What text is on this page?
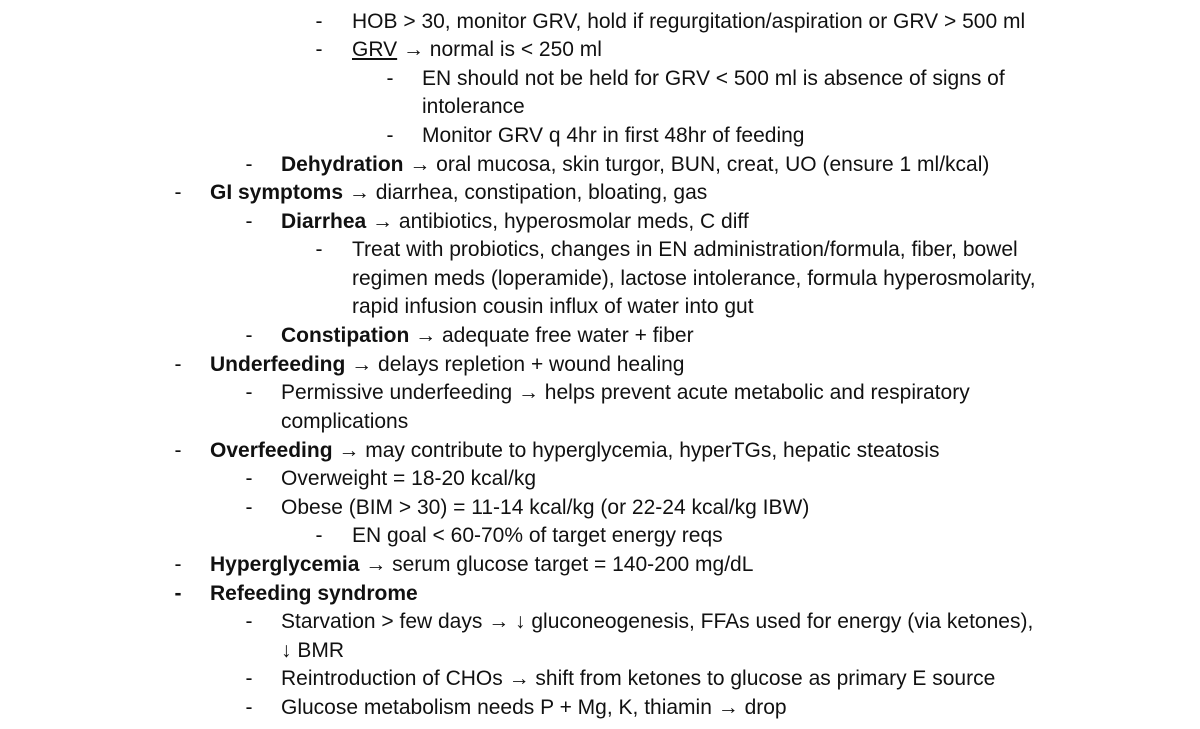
- HOB > 30, monitor GRV, hold if regurgitation/aspiration or GRV > 500 ml
- GRV → normal is < 250 ml
- EN should not be held for GRV < 500 ml is absence of signs of
intolerance
- Monitor GRV q 4hr in first 48hr of feeding
- Dehydration → oral mucosa, skin turgor, BUN, creat, UO (ensure 1 ml/kcal)
- GI symptoms → diarrhea, constipation, bloating, gas
- Diarrhea → antibiotics, hyperosmolar meds, C diff
- Treat with probiotics, changes in EN administration/formula, fiber, bowel
regimen meds (loperamide), lactose intolerance, formula hyperosmolarity,
rapid infusion cousin influx of water into gut
- Constipation → adequate free water + fiber
- Underfeeding → delays repletion + wound healing
- Permissive underfeeding → helps prevent acute metabolic and respiratory
complications
- Overfeeding → may contribute to hyperglycemia, hyperTGs, hepatic steatosis
- Overweight = 18-20 kcal/kg
- Obese (BIM > 30) = 11-14 kcal/kg (or 22-24 kcal/kg IBW)
- EN goal < 60-70% of target energy reqs
- Hyperglycemia → serum glucose target = 140-200 mg/dL
- Refeeding syndrome
- Starvation > few days → ↓ gluconeogenesis, FFAs used for energy (via ketones),
↓ BMR
- Reintroduction of CHOs → shift from ketones to glucose as primary E source
- Glucose metabolism needs P + Mg, K, thiamin → drop
